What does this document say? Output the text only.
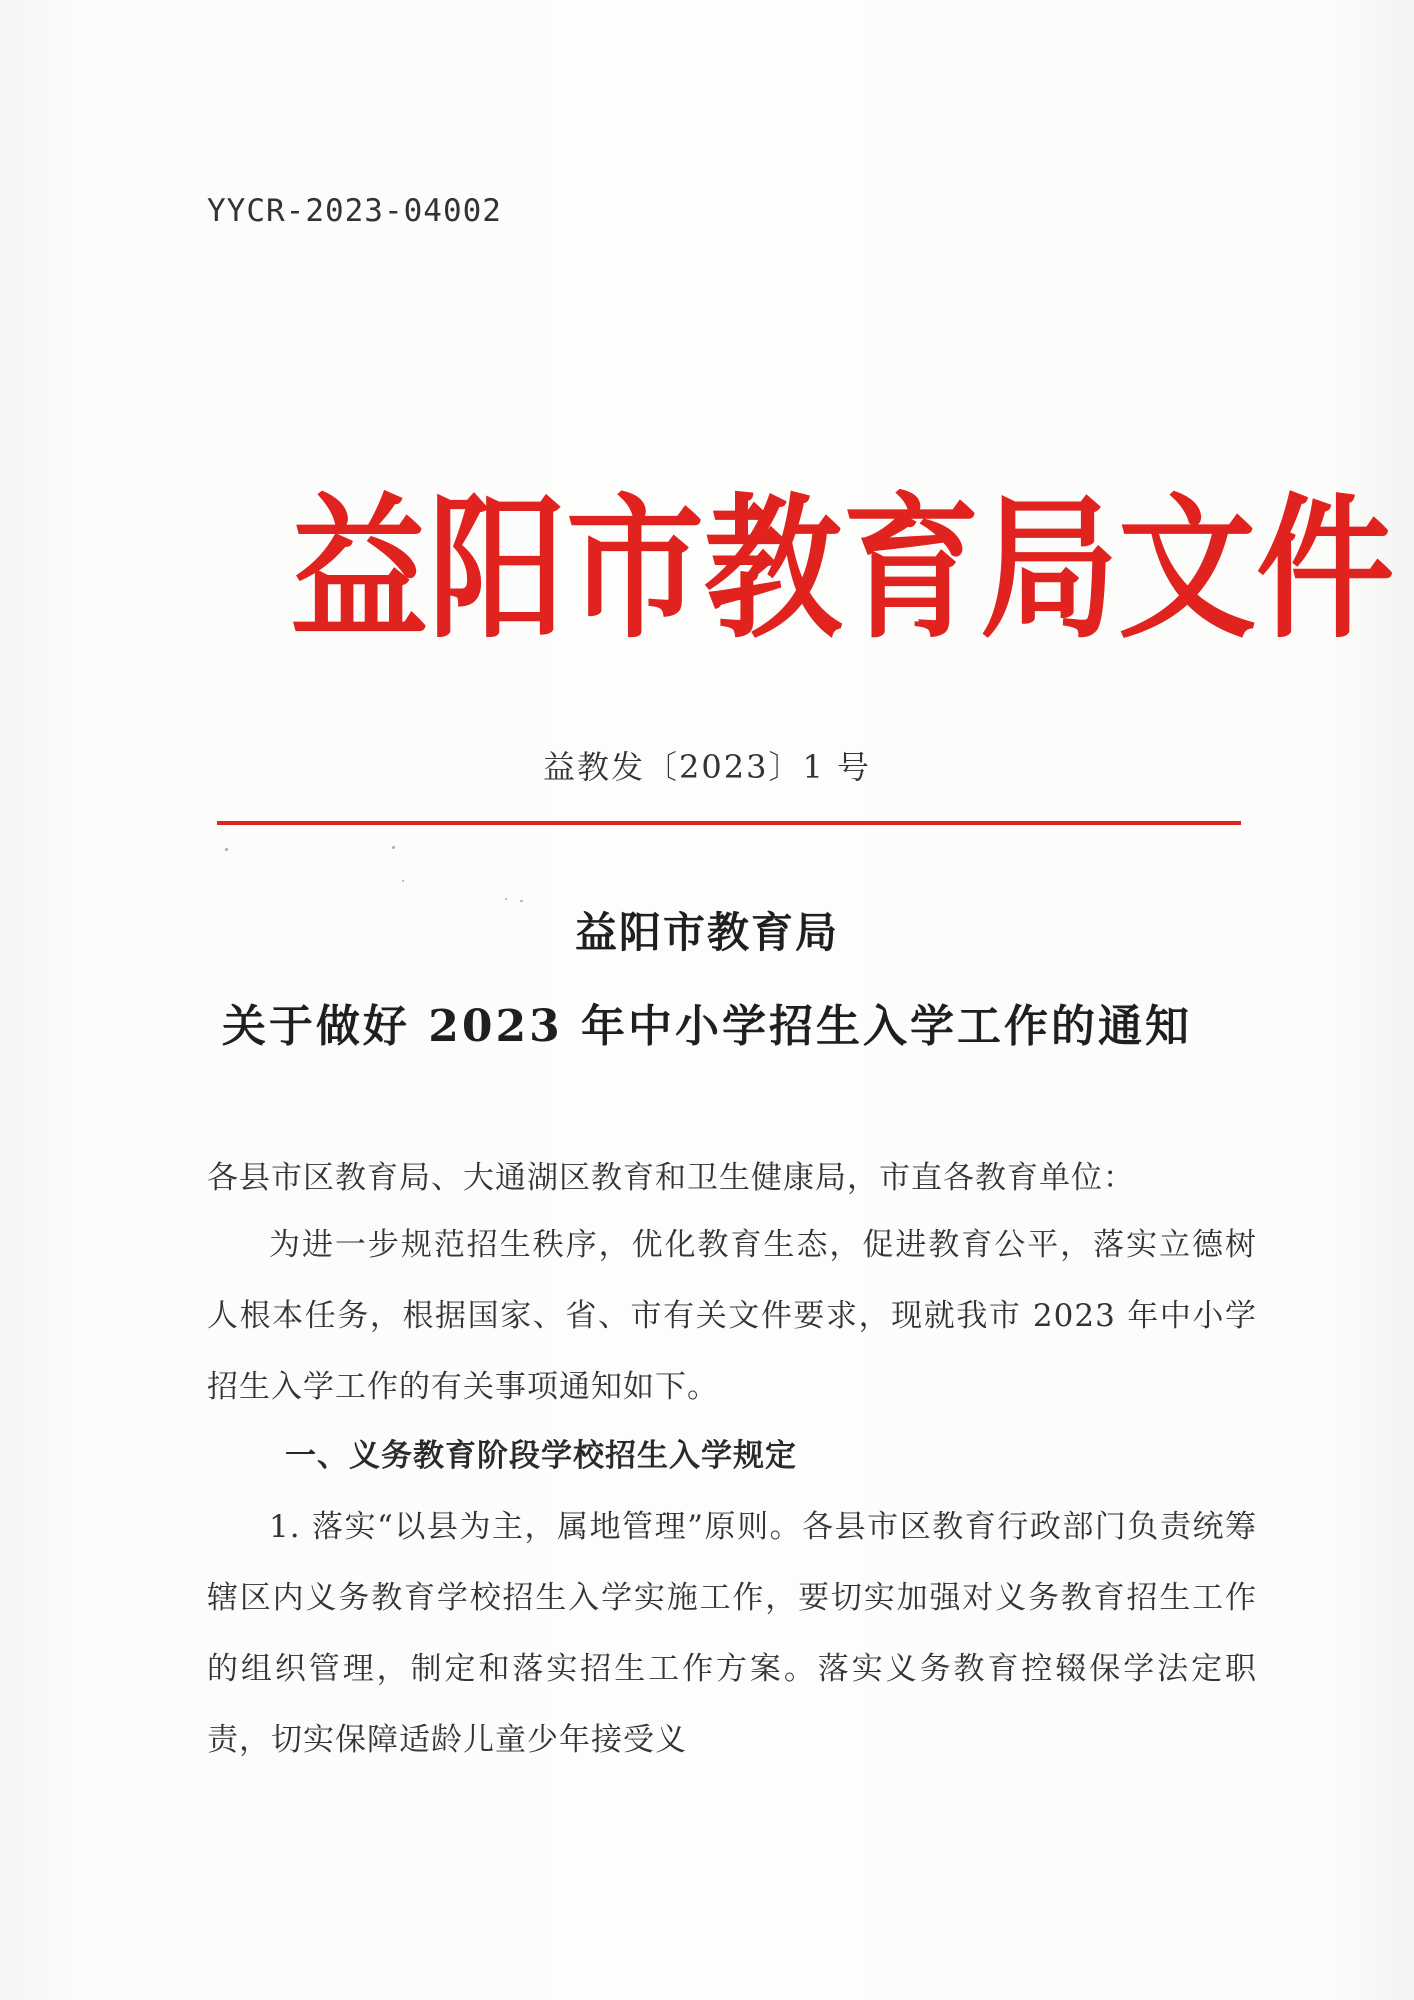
YYCR-2023-04002
益 阳 市 教 育 局 文 件
益教发〔2023〕1 号
益阳市教育局
关于做好 2023 年中小学招生入学工作的通知
各县市区教育局、大通湖区教育和卫生健康局，市直各教育单位：
为进一步规范招生秩序，优化教育生态，促进教育公平，落实立德树人根本任务，根据国家、省、市有关文件要求，现就我市 2023 年中小学招生入学工作的有关事项通知如下。
一、义务教育阶段学校招生入学规定
1. 落实“以县为主，属地管理”原则。各县市区教育行政部门负责统筹辖区内义务教育学校招生入学实施工作，要切实加强对义务教育招生工作的组织管理，制定和落实招生工作方案。落实义务教育控辍保学法定职责，切实保障适龄儿童少年接受义
